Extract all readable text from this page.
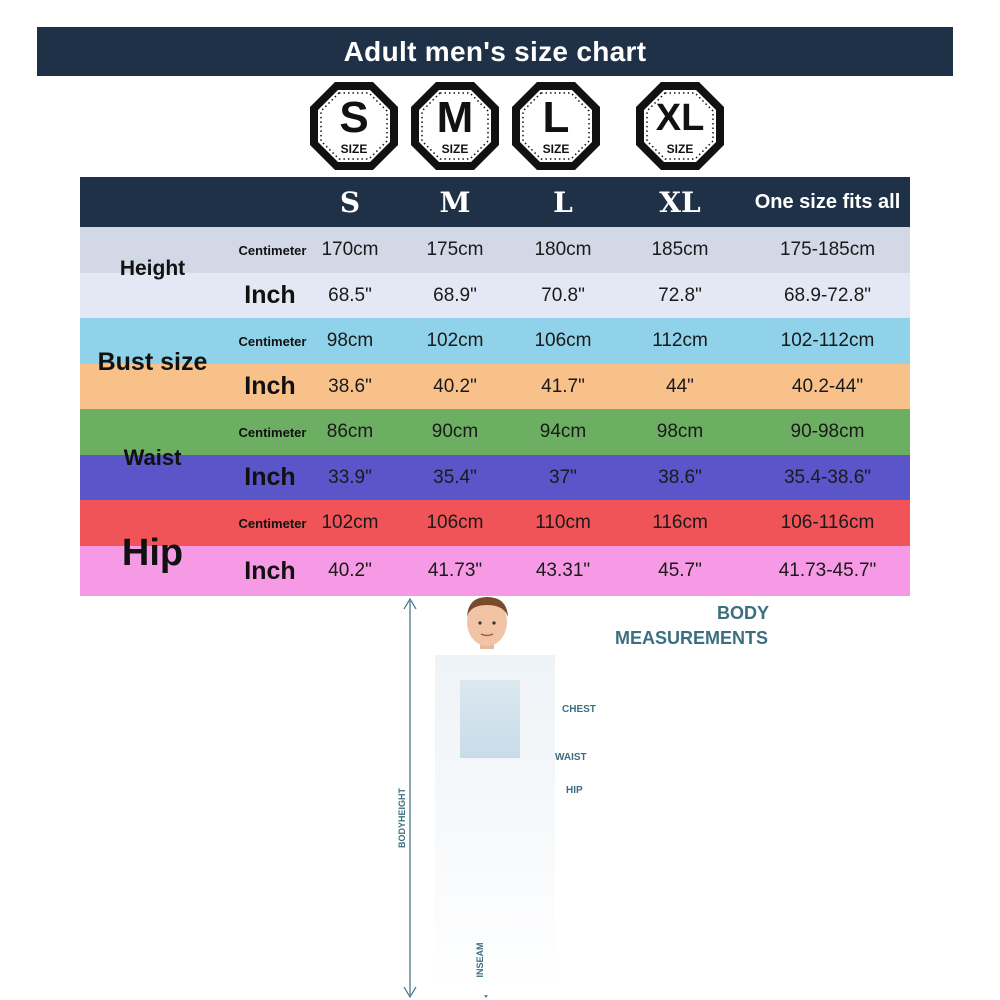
Adult men's size chart
S
SIZE
M
SIZE
L
SIZE
XL
SIZE
S	M	L	XL	One size fits all
Centimeter 170cm	175cm	180cm	185cm	175-185cm
Inch	68.5"	68.9"	70.8"	72.8"	68.9-72.8"
Centimeter	98cm	102cm	106cm	112cm	102-112cm
Inch	38.6"	40.2"	41.7"	44"	40.2-44"
Centimeter	86cm	90cm	94cm	98cm	90-98cm
Inch	33.9"	35.4"	37"	38.6"	35.4-38.6"
Centimeter 102cm	106cm	110cm	116cm	106-116cm
Inch	40.2"	41.73"	43.31"	45.7"	41.73-45.7"
Height
Bust size
Waist
Hip
BODY
MEASUREMENTS
CHEST
WAIST
HIP
BODYHEIGHT
INSEAM
